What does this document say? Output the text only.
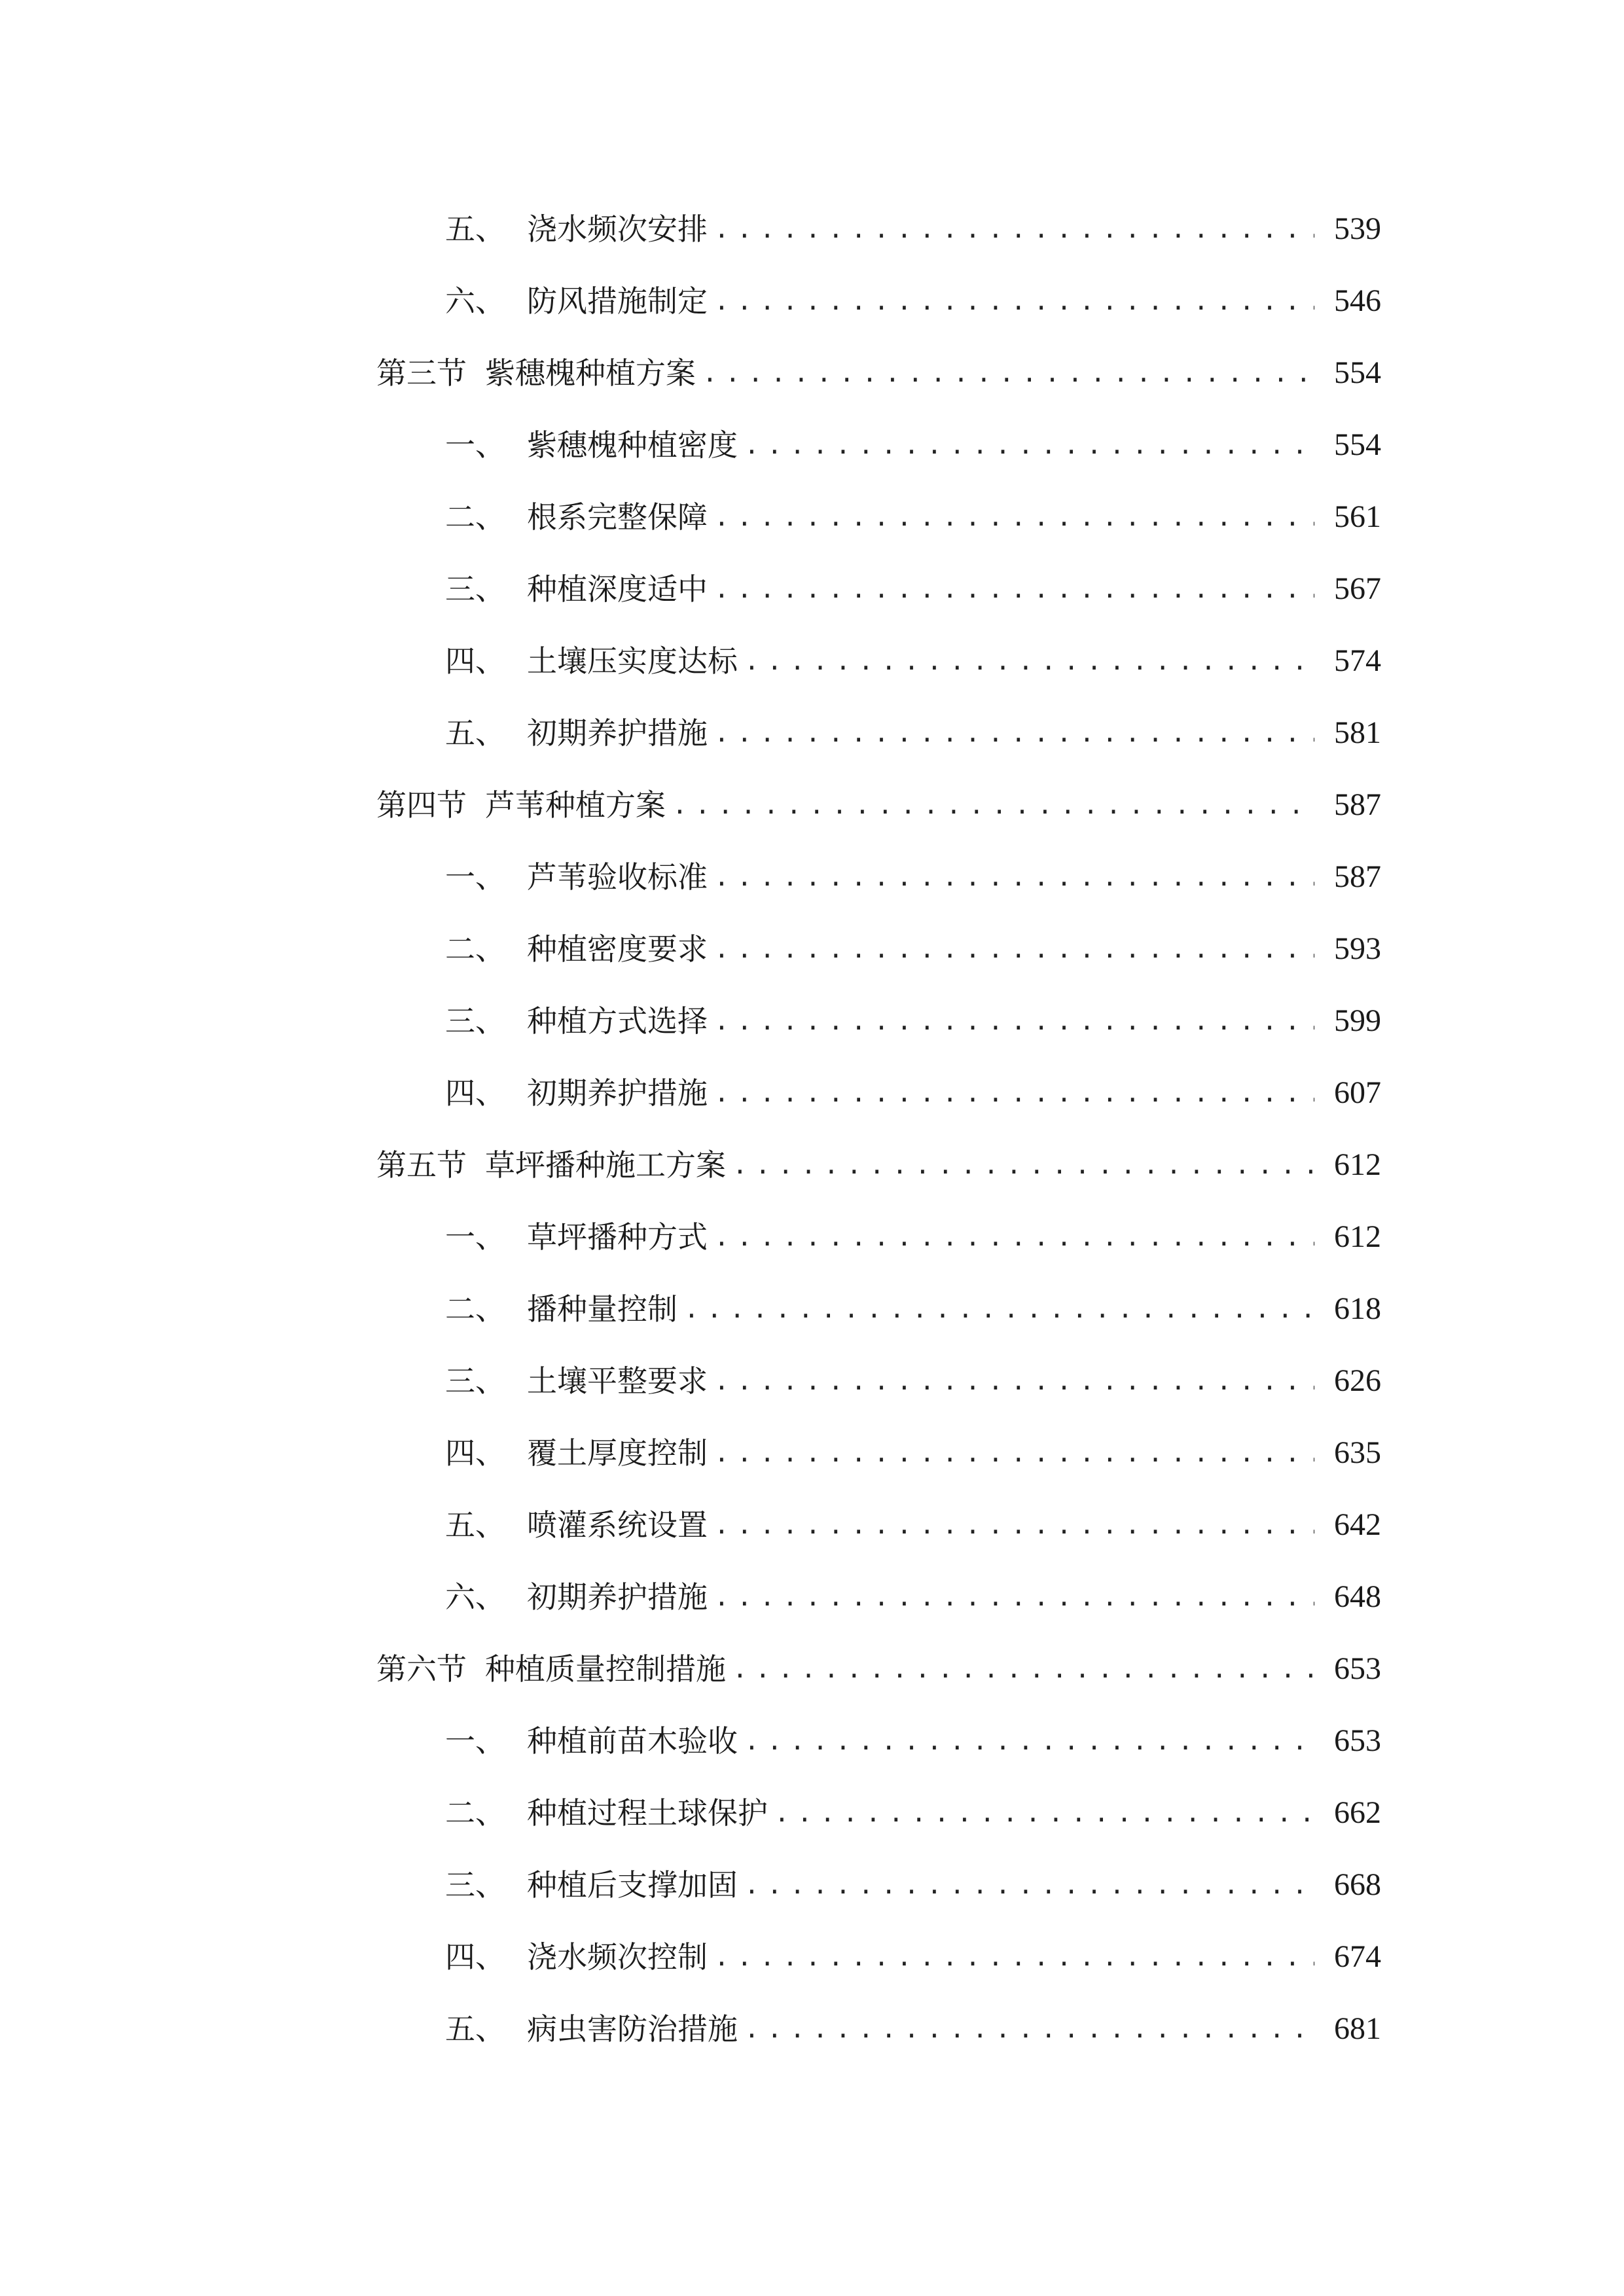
五、 浇水频次安排 .....	539
六、 防风措施制定 .....	546
第三节 紫穗槐种植方案 .....	554
一、 紫穗槐种植密度 .....	554
二、 根系完整保障 .....	561
三、 种植深度适中 .....	567
四、 土壤压实度达标 .....	574
五、 初期养护措施 .....	581
第四节 芦苇种植方案 .....	587
一、 芦苇验收标准 .....	587
二、 种植密度要求 .....	593
三、 种植方式选择 .....	599
四、 初期养护措施 .....	607
第五节 草坪播种施工方案 .....	612
一、 草坪播种方式 .....	612
二、 播种量控制 .....	618
三、 土壤平整要求 .....	626
四、 覆土厚度控制 .....	635
五、 喷灌系统设置 .....	642
六、 初期养护措施 .....	648
第六节 种植质量控制措施 .....	653
一、 种植前苗木验收 .....	653
二、 种植过程土球保护 .....	662
三、 种植后支撑加固 .....	668
四、 浇水频次控制 .....	674
五、 病虫害防治措施 .....	681
